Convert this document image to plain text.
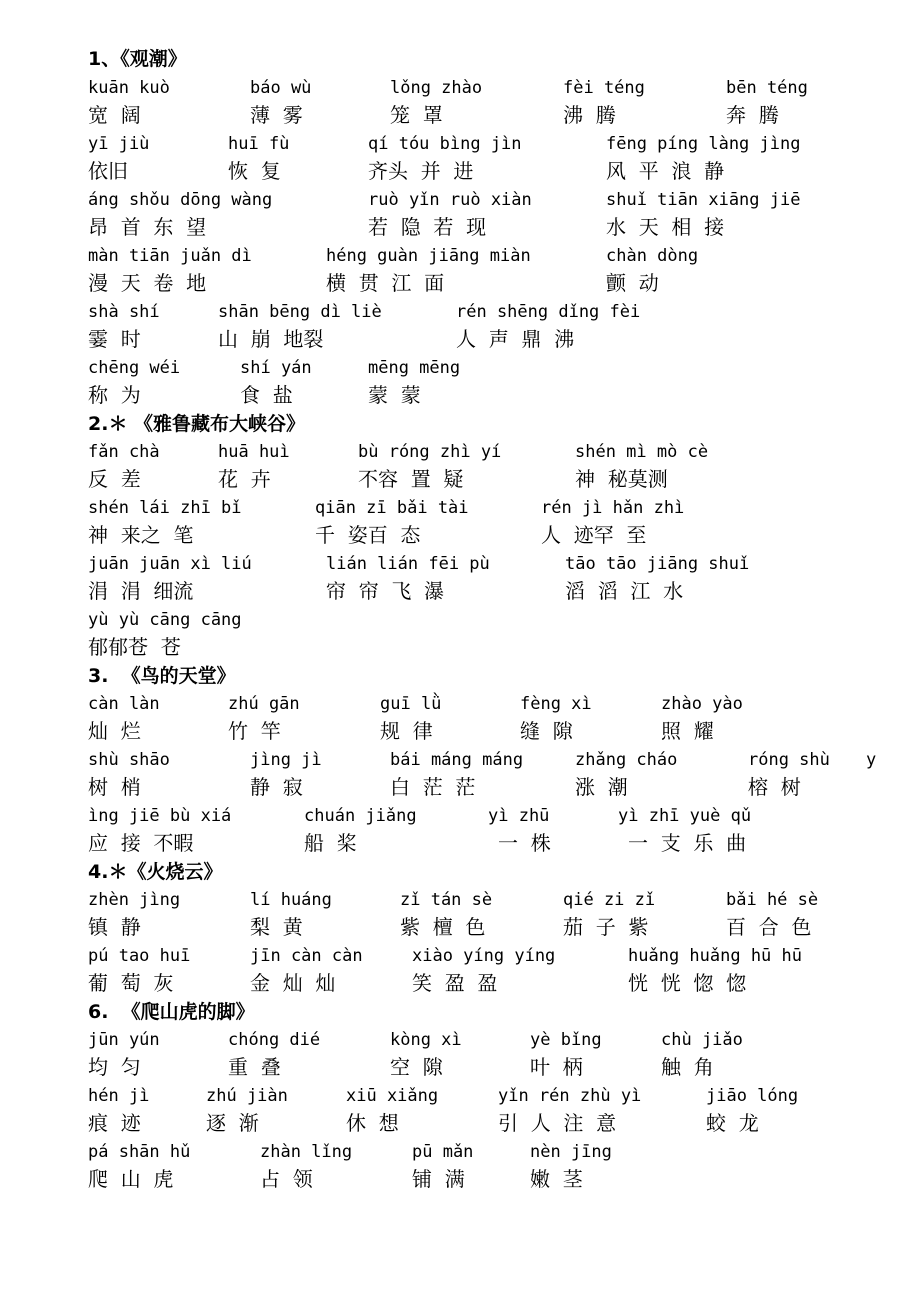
1、《观潮》
kuān kuò	báo wù	lǒng zhào	fèi téng	bēn téng
宽  阔	薄  雾	笼  罩	沸  腾	奔  腾
yī jiù	huī fù	qí tóu bìng jìn	fēng píng làng jìng
依旧	恢  复	齐头  并  进	风  平  浪  静
áng shǒu dōng wàng	ruò yǐn ruò xiàn	shuǐ tiān xiāng jiē
昂  首  东  望	若  隐  若  现	水  天  相  接
màn tiān juǎn dì	héng guàn jiāng miàn	chàn dòng
漫  天  卷  地	横  贯  江  面	颤  动
shà shí	shān bēng dì liè	rén shēng dǐng fèi
霎  时	山  崩  地裂	人  声  鼎  沸
chēng wéi	shí yán	mēng mēng
称  为	食  盐	蒙  蒙
2.＊ 《雅鲁藏布大峡谷》
fǎn chà	huā huì	bù róng zhì yí	shén mì mò cè
反  差	花  卉	不容  置  疑	神  秘莫测
shén lái zhī bǐ	qiān zī bǎi tài	rén jì hǎn zhì
神  来之  笔	千  姿百  态	人  迹罕  至
juān juān xì liú	lián lián fēi pù	tāo tāo jiāng shuǐ
涓  涓  细流	帘  帘  飞  瀑	滔  滔  江  水
yù yù cāng cāng
郁郁苍  苍
3.  《鸟的天堂》
càn làn	zhú gān	guī lǜ	fèng xì	zhào yào
灿  烂	竹  竿	规  律	缝  隙	照  耀
shù shāo	jìng jì	bái máng máng	zhǎng cháo	róng shù y
树  梢	静  寂	白  茫  茫	涨  潮	榕  树
ìng jiē bù xiá	chuán jiǎng	yì zhū	yì zhī yuè qǔ
应  接  不暇	船  桨	一  株	一  支  乐  曲
4.＊《火烧云》
zhèn jìng	lí huáng	zǐ tán sè	qié zi zǐ	bǎi hé sè
镇  静	梨  黄	紫  檀  色	茄  子  紫	百  合  色
pú tao huī	jīn càn càn	xiào yíng yíng	huǎng huǎng hū hū
葡  萄  灰	金  灿  灿	笑  盈  盈	恍  恍  惚  惚
6.  《爬山虎的脚》
jūn yún	chóng dié	kòng xì	yè bǐng	chù jiǎo
均  匀	重  叠	空  隙	叶  柄	触  角
hén jì	zhú jiàn	xiū xiǎng	yǐn rén zhù yì	jiāo lóng
痕  迹	逐  渐	休  想	引  人  注  意	蛟  龙
pá shān hǔ	zhàn lǐng	pū mǎn	nèn jīng
爬  山  虎	占  领	铺  满	嫩  茎
